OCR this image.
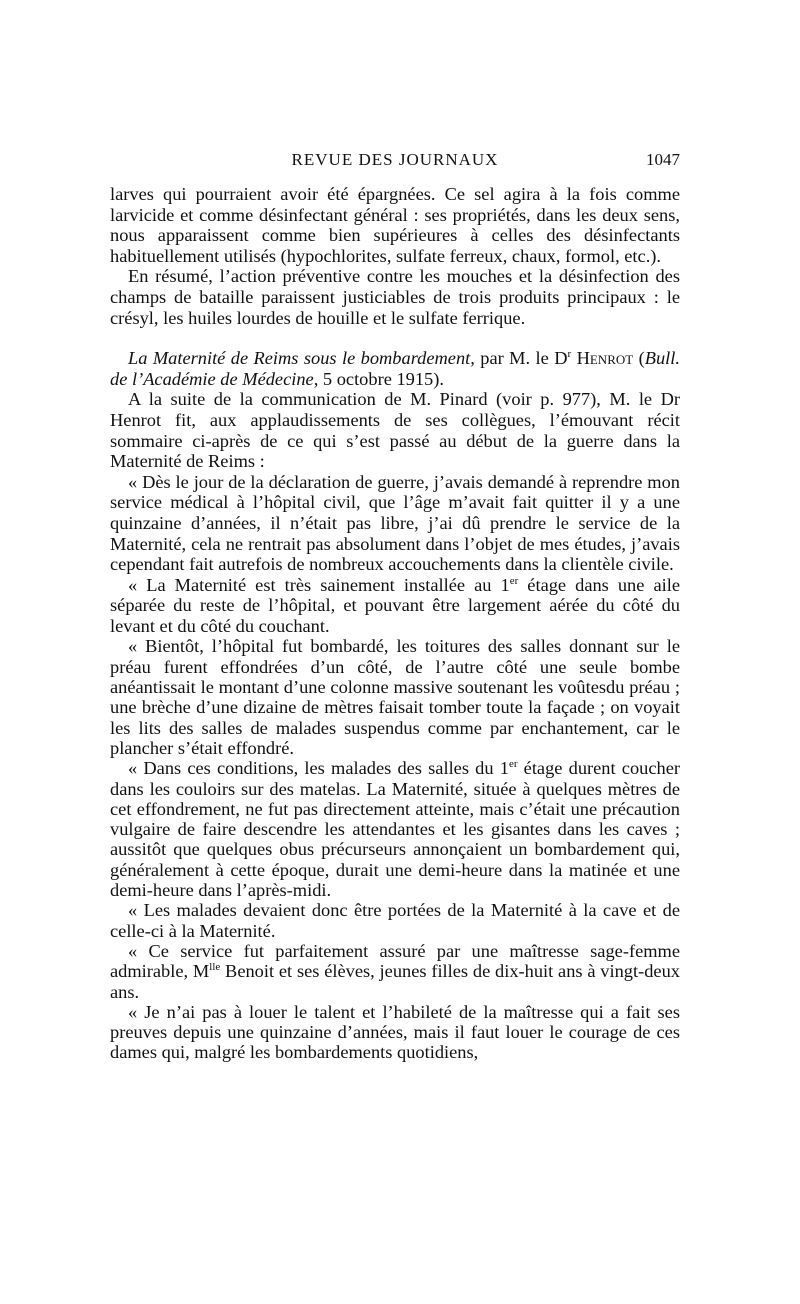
REVUE DES JOURNAUX	1047

larves qui pourraient avoir été épargnées. Ce sel agira à la fois comme larvicide et comme désinfectant général : ses propriétés, dans les deux sens, nous apparaissent comme bien supérieures à celles des désinfectants habituellement utilisés (hypochlorites, sulfate ferreux, chaux, formol, etc.).

En résumé, l’action préventive contre les mouches et la désinfection des champs de bataille paraissent justiciables de trois produits principaux : le crésyl, les huiles lourdes de houille et le sulfate ferrique.

La Maternité de Reims sous le bombardement, par M. le $D^r$ Henrot (Bull. de l’Académie de Médecine, 5 octobre 1915).

A la suite de la communication de M. Pinard (voir p. 977), M. le Dr Henrot fit, aux applaudissements de ses collègues, l’émouvant récit sommaire ci-après de ce qui s’est passé au début de la guerre dans la Maternité de Reims :

« Dès le jour de la déclaration de guerre, j’avais demandé à reprendre mon service médical à l’hôpital civil, que l’âge m’avait fait quitter il y a une quinzaine d’années, il n’était pas libre, j’ai dû prendre le service de la Maternité, cela ne rentrait pas absolument dans l’objet de mes études, j’avais cependant fait autrefois de nombreux accouchements dans la clientèle civile.

« La Maternité est très sainement installée au 1er étage dans une aile séparée du reste de l’hôpital, et pouvant être largement aérée du côté du levant et du côté du couchant.

« Bientôt, l’hôpital fut bombardé, les toitures des salles donnant sur le préau furent effondrées d’un côté, de l’autre côté une seule bombe anéantissait le montant d’une colonne massive soutenant les voûtesdu préau ; une brèche d’une dizaine de mètres faisait tomber toute la façade ; on voyait les lits des salles de malades suspendus comme par enchantement, car le plancher s’était effondré.

« Dans ces conditions, les malades des salles du 1er étage durent coucher dans les couloirs sur des matelas. La Maternité, située à quelques mètres de cet effondrement, ne fut pas directement atteinte, mais c’était une précaution vulgaire de faire descendre les attendantes et les gisantes dans les caves ; aussitôt que quelques obus précurseurs annonçaient un bombardement qui, généralement à cette époque, durait une demi-heure dans la matinée et une demi-heure dans l’après-midi.

« Les malades devaient donc être portées de la Maternité à la cave et de celle-ci à la Maternité.

« Ce service fut parfaitement assuré par une maîtresse sage-femme admirable, $M^{lle}$ Benoit et ses élèves, jeunes filles de dix-huit ans à vingt-deux ans.

« Je n’ai pas à louer le talent et l’habileté de la maîtresse qui a fait ses preuves depuis une quinzaine d’années, mais il faut louer le courage de ces dames qui, malgré les bombardements quotidiens,
